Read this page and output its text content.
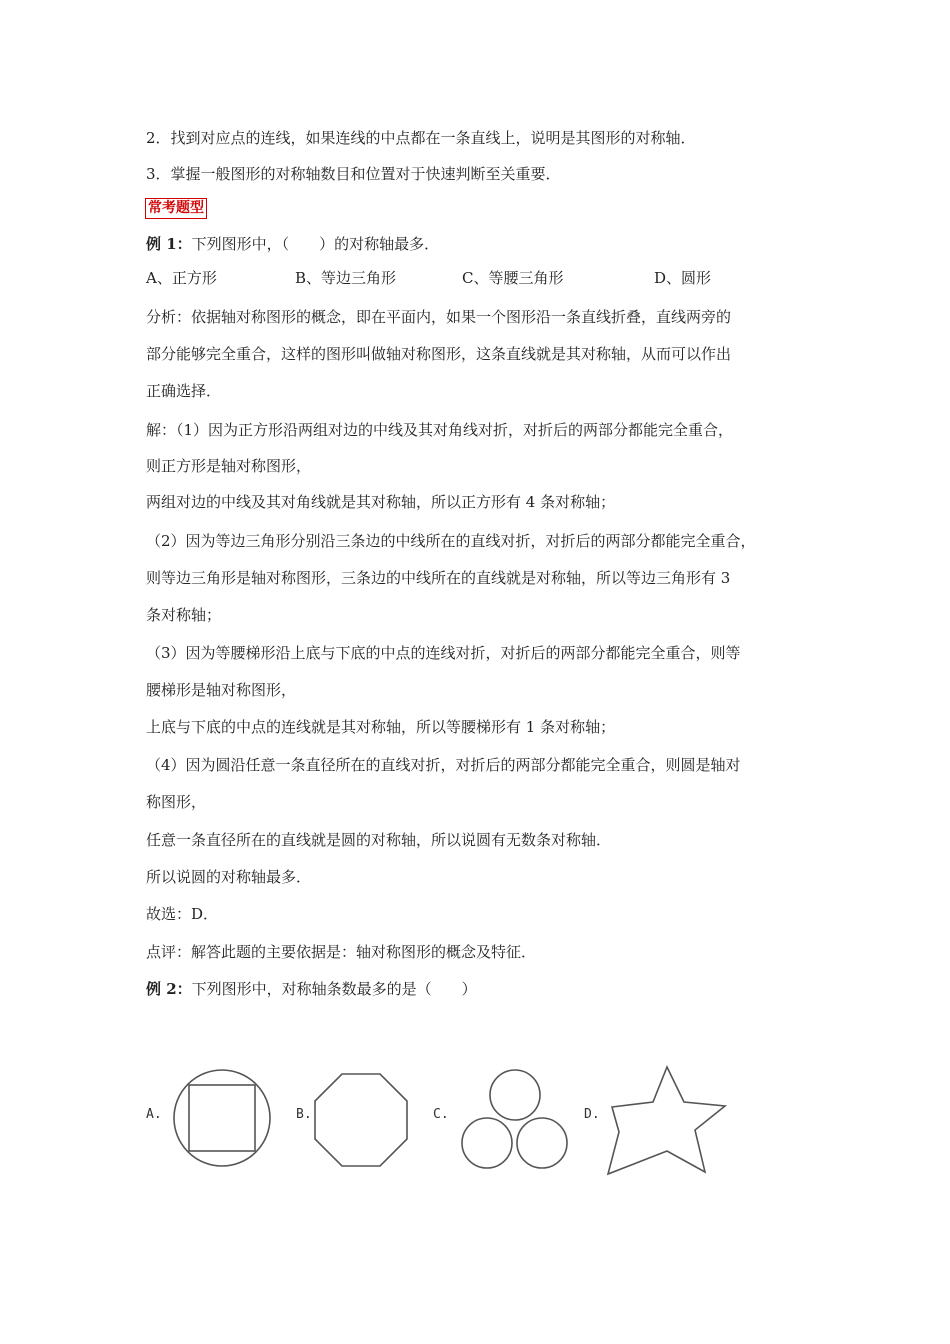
2．找到对应点的连线，如果连线的中点都在一条直线上，说明是其图形的对称轴．
3．掌握一般图形的对称轴数目和位置对于快速判断至关重要．
常考题型
例 1：下列图形中，（　　）的对称轴最多．
A、正方形	B、等边三角形	C、等腰三角形	D、圆形
分析：依据轴对称图形的概念，即在平面内，如果一个图形沿一条直线折叠，直线两旁的
部分能够完全重合，这样的图形叫做轴对称图形，这条直线就是其对称轴，从而可以作出
正确选择．
解：（1）因为正方形沿两组对边的中线及其对角线对折，对折后的两部分都能完全重合，
则正方形是轴对称图形，
两组对边的中线及其对角线就是其对称轴，所以正方形有 4 条对称轴；
（2）因为等边三角形分别沿三条边的中线所在的直线对折，对折后的两部分都能完全重合，
则等边三角形是轴对称图形，三条边的中线所在的直线就是对称轴，所以等边三角形有 3
条对称轴；
（3）因为等腰梯形沿上底与下底的中点的连线对折，对折后的两部分都能完全重合，则等
腰梯形是轴对称图形，
上底与下底的中点的连线就是其对称轴，所以等腰梯形有 1 条对称轴；
（4）因为圆沿任意一条直径所在的直线对折，对折后的两部分都能完全重合，则圆是轴对
称图形，
任意一条直径所在的直线就是圆的对称轴，所以说圆有无数条对称轴．
所以说圆的对称轴最多．
故选：D．
点评：解答此题的主要依据是：轴对称图形的概念及特征．
例 2：下列图形中，对称轴条数最多的是（　　）
A.	B.	C.	D.
